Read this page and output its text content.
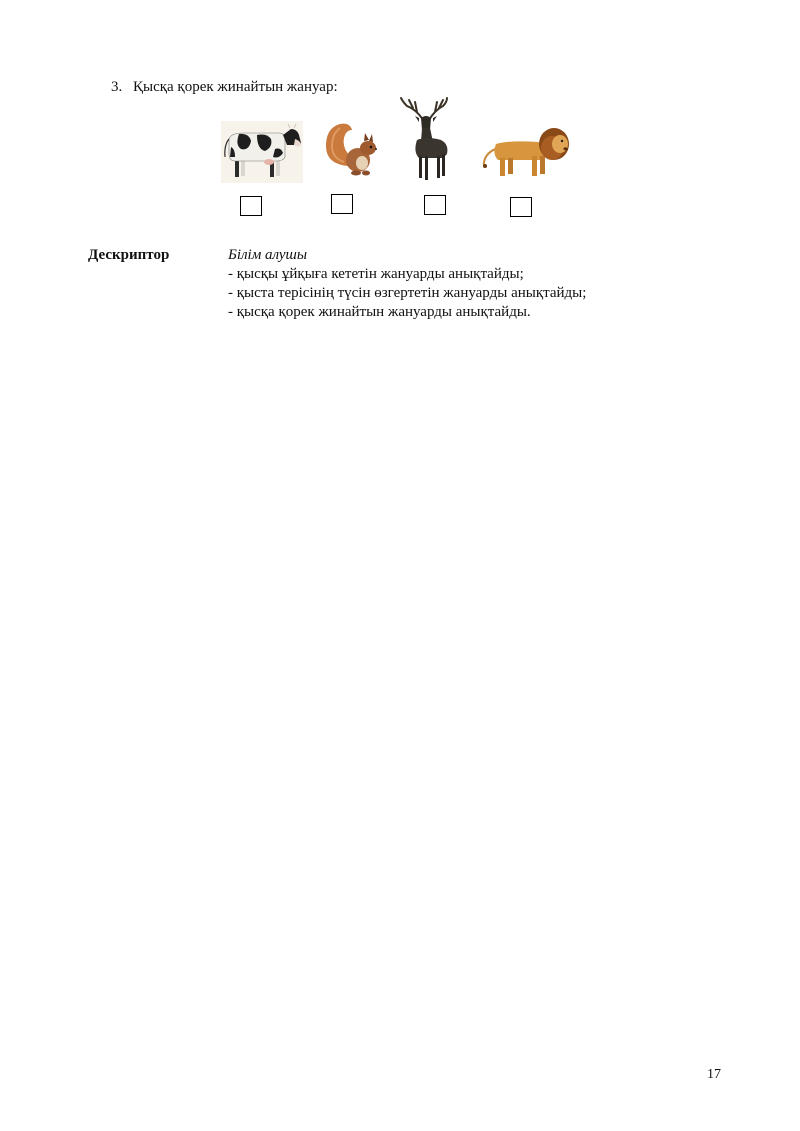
3. Қысқа қорек жинайтын жануар:
Дескриптор	Білім алушы
- қысқы ұйқыға кететін жануарды анықтайды;
- қыста терісінің түсін өзгертетін жануарды анықтайды;
- қысқа қорек жинайтын жануарды анықтайды.
17
